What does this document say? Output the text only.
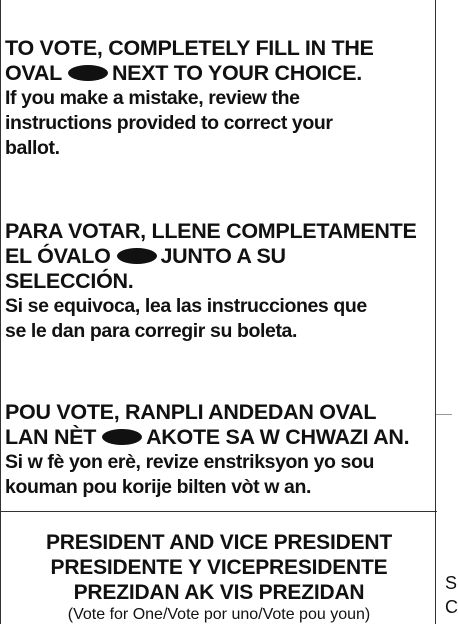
TO VOTE, COMPLETELY FILL IN THE

OVAL NEXT TO YOUR CHOICE.

If you make a mistake, review the

instructions provided to correct your

ballot.

PARA VOTAR, LLENE COMPLETAMENTE

EL ÓVALO JUNTO A SU

SELECCIÓN.

Si se equivoca, lea las instrucciones que

se le dan para corregir su boleta.

POU VOTE, RANPLI ANDEDAN OVAL

LAN NÈT AKOTE SA W CHWAZI AN.

Si w fè yon erè, revize enstriksyon yo sou

kouman pou korije bilten vòt w an.

PRESIDENT AND VICE PRESIDENT

PRESIDENTE Y VICEPRESIDENTE

PREZIDAN AK VIS PREZIDAN

(Vote for One/Vote por uno/Vote pou youn)

S
C
